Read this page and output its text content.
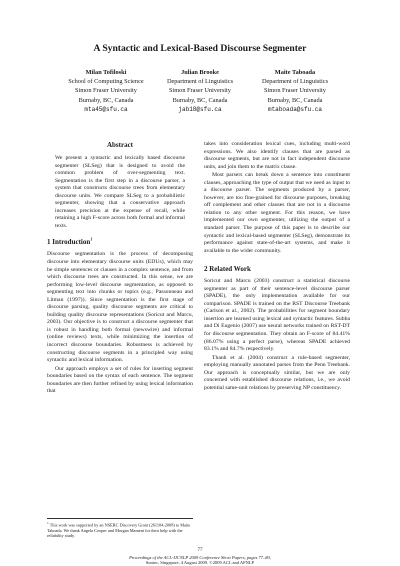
A Syntactic and Lexical-Based Discourse Segmenter
Milan Tofiloski
School of Computing Science
Simon Fraser University
Burnaby, BC, Canada
mta45@sfu.ca
Julian Brooke
Department of Linguistics
Simon Fraser University
Burnaby, BC, Canada
jab18@sfu.ca
Maite Taboada
Department of Linguistics
Simon Fraser University
Burnaby, BC, Canada
mtaboada@sfu.ca
Abstract

We present a syntactic and lexically based discourse segmenter (SLSeg) that is designed to avoid the common problem of over-segmenting text. Segmentation is the first step in a discourse parser, a system that constructs discourse trees from elementary discourse units. We compare SLSeg to a probabilistic segmenter, showing that a conservative approach increases precision at the expense of recall, while retaining a high F-score across both formal and informal texts.

1 Introduction$^1$

Discourse segmentation is the process of decomposing discourse into elementary discourse units (EDUs), which may be simple sentences or clauses in a complex sentence, and from which discourse trees are constructed. In this sense, we are performing low-level discourse segmentation, as opposed to segmenting text into chunks or topics (e.g., Passonneau and Litman (1997)). Since segmentation is the first stage of discourse parsing, quality discourse segments are critical to building quality discourse representations (Soricut and Marcu, 2003). Our objective is to construct a discourse segmenter that is robust in handling both formal (newswire) and informal (online reviews) texts, while minimizing the insertion of incorrect discourse boundaries. Robustness is achieved by constructing discourse segments in a principled way using syntactic and lexical information.

Our approach employs a set of rules for inserting segment boundaries based on the syntax of each sentence. The segment boundaries are then further refined by using lexical information that

takes into consideration lexical cues, including multi-word expressions. We also identify clauses that are parsed as discourse segments, but are not in fact independent discourse units, and join them to the matrix clause.

Most parsers can break down a sentence into constituent clauses, approaching the type of output that we need as input to a discourse parser. The segments produced by a parser, however, are too fine-grained for discourse purposes, breaking off complement and other clauses that are not in a discourse relation to any other segment. For this reason, we have implemented our own segmenter, utilizing the output of a standard parser. The purpose of this paper is to describe our syntactic and lexical-based segmenter (SLSeg), demonstrate its performance against state-of-the-art systems, and make it available to the wider community.

2 Related Work

Soricut and Marcu (2003) construct a statistical discourse segmenter as part of their sentence-level discourse parser (SPADE), the only implementation available for our comparison. SPADE is trained on the RST Discourse Treebank (Carlson et al., 2002). The probabilities for segment boundary insertion are learned using lexical and syntactic features. Subba and Di Eugenio (2007) use neural networks trained on RST-DT for discourse segmentation. They obtain an F-score of 84.41% (86.07% using a perfect parse), whereas SPADE achieved 83.1% and 84.7% respectively.

Thanh et al. (2004) construct a rule-based segmenter, employing manually annotated parses from the Penn Treebank. Our approach is conceptually similar, but we are only concerned with established discourse relations, i.e., we avoid potential same-unit relations by preserving NP constituency.

$^1$ This work was supported by an NSERC Discovery Grant (261104-2008) to Maite Taboada. We thank Angela Cooper and Morgan Mameni for their help with the reliability study.
77
Proceedings of the ACL-IJCNLP 2009 Conference Short Papers, pages 77–80,
Suntec, Singapore, 4 August 2009. ©2009 ACL and AFNLP
